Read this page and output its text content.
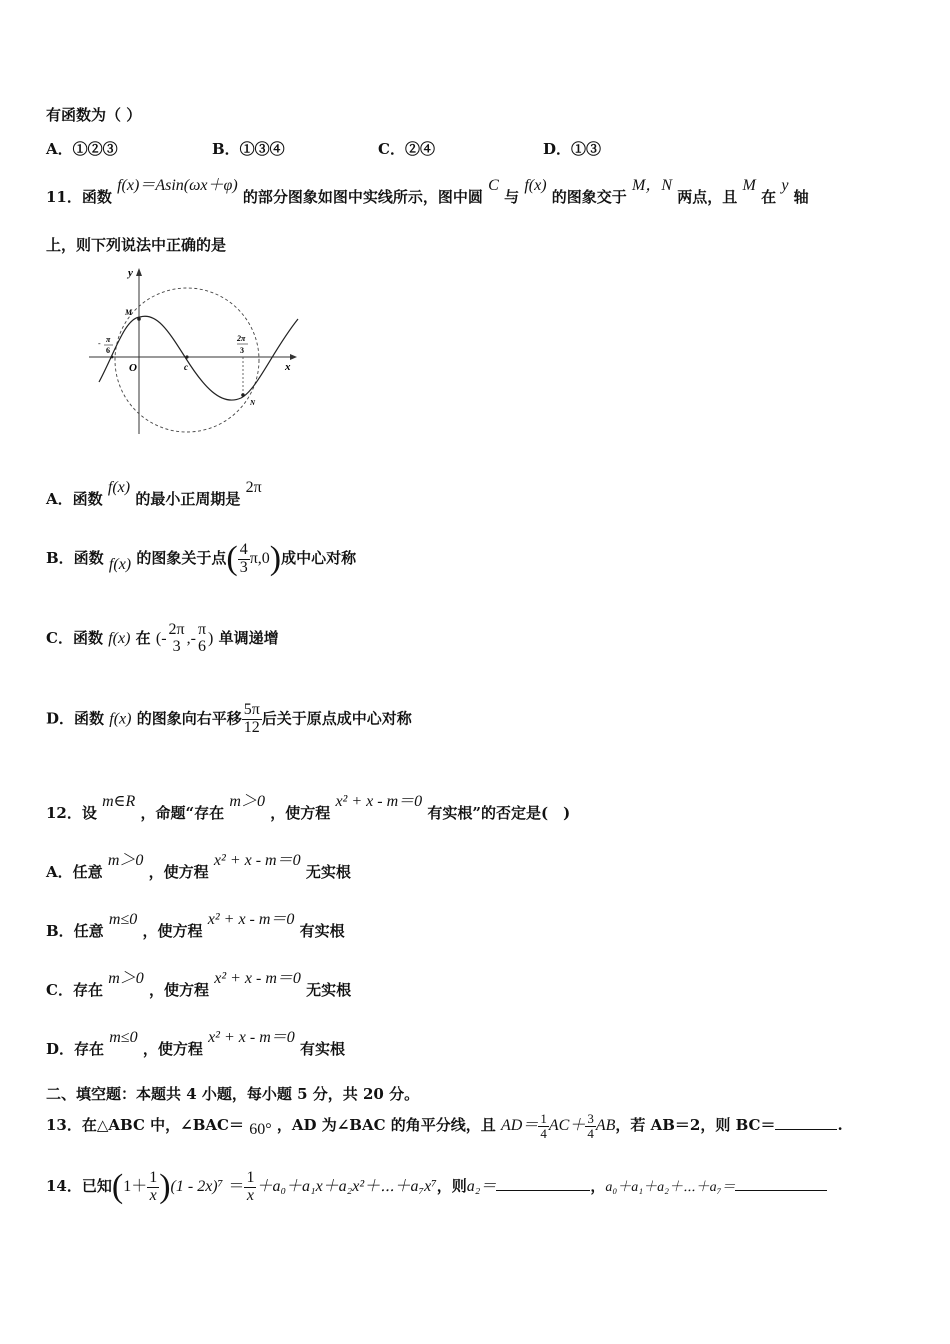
有函数为（ ）
A．①②③	B．①③④	C．②④	D．①③
11．函数 f(x)＝Asin(ωx＋φ) 的部分图象如图中实线所示，图中圆 C 与 f(x) 的图象交于 M，N 两点，且 M 在 y 轴
上，则下列说法中正确的是
y
x
O	c
M
N
- π
6
2π
3
A．函数 f(x) 的最小正周期是 2π
B．函数 f(x) 的图象关于点( $\frac{4}{3} \pi,0$)成中心对称
C．函数 f(x) 在 (-
2π
3 ,-
π
6 ) 单调递增
D．函数 f(x) 的图象向右平移 $\frac{5\pi}{12}$ 后关于原点成中心对称
12．设 m∈R ，命题“存在 m＞0 ，使方程 x² + x - m＝0 有实根”的否定是(　)
A．任意 m＞0 ，使方程 x² + x - m＝0 无实根
B．任意 m≤0 ，使方程 x² + x - m＝0 有实根
C．存在 m＞0 ，使方程 x² + x - m＝0 无实根
D．存在 m≤0 ，使方程 x² + x - m＝0 有实根
二、填空题：本题共 4 小题，每小题 5 分，共 20 分。
13．在△ABC 中，∠BAC＝ 60° ，AD 为∠BAC 的角平分线，且 $AD= \frac{1}{4} AC+ \frac{3}{4}$ AB，若 AB＝2，则 BC＝	.
14．已知$(1+ \frac{1}{x} )(1 - 2x)^7 = \frac{1}{x}$ ＋a₀＋a₁x＋a₂x²＋⋯＋a₇x⁷，则a₂＝	，a₀＋a₁＋a₂＋⋯＋a₇＝
